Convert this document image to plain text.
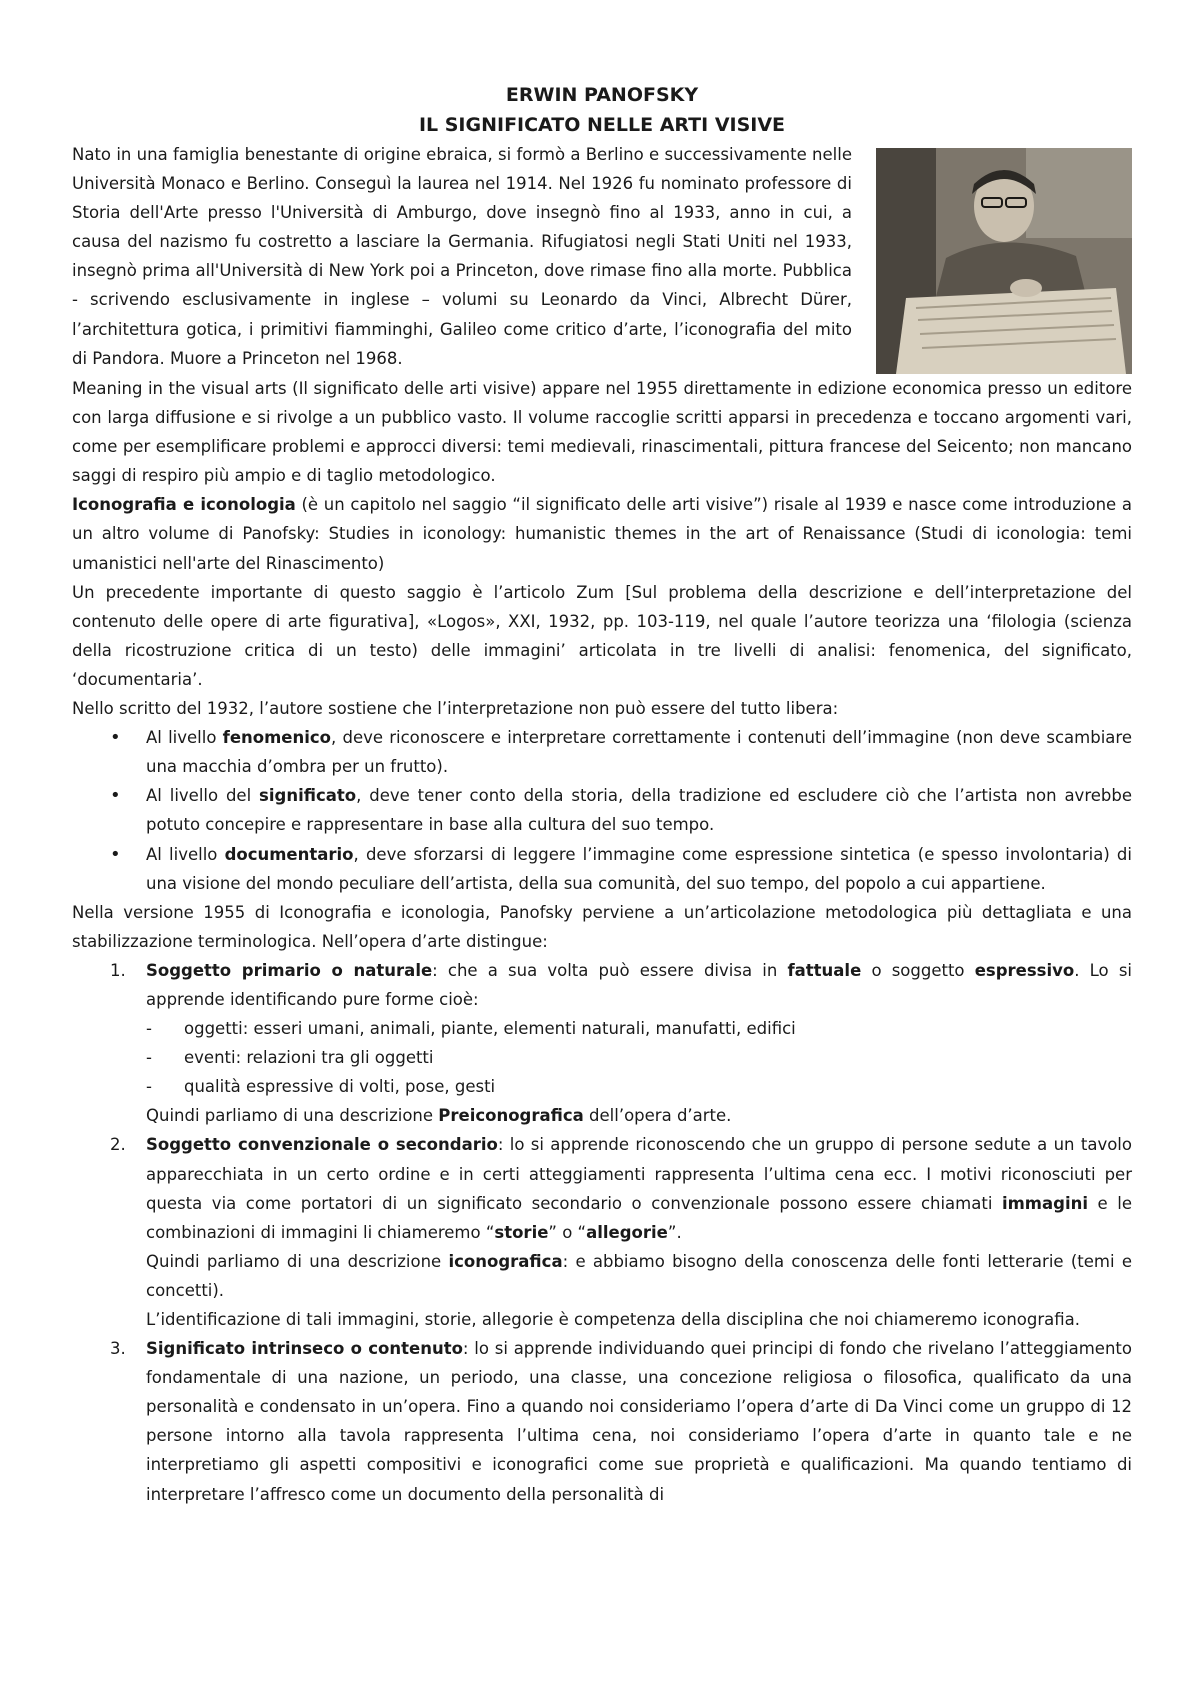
ERWIN PANOFSKY

IL SIGNIFICATO NELLE ARTI VISIVE

Nato in una famiglia benestante di origine ebraica, si formò a Berlino e successivamente nelle Università Monaco e Berlino. Conseguì la laurea nel 1914. Nel 1926 fu nominato professore di Storia dell'Arte presso l'Università di Amburgo, dove insegnò fino al 1933, anno in cui, a causa del nazismo fu costretto a lasciare la Germania. Rifugiatosi negli Stati Uniti nel 1933, insegnò prima all'Università di New York poi a Princeton, dove rimase fino alla morte. Pubblica - scrivendo esclusivamente in inglese – volumi su Leonardo da Vinci, Albrecht Dürer, l’architettura gotica, i primitivi fiamminghi, Galileo come critico d’arte, l’iconografia del mito di Pandora. Muore a Princeton nel 1968.

Meaning in the visual arts (Il significato delle arti visive) appare nel 1955 direttamente in edizione economica presso un editore con larga diffusione e si rivolge a un pubblico vasto. Il volume raccoglie scritti apparsi in precedenza e toccano argomenti vari, come per esemplificare problemi e approcci diversi: temi medievali, rinascimentali, pittura francese del Seicento; non mancano saggi di respiro più ampio e di taglio metodologico.

Iconografia e iconologia (è un capitolo nel saggio “il significato delle arti visive”) risale al 1939 e nasce come introduzione a un altro volume di Panofsky: Studies in iconology: humanistic themes in the art of Renaissance (Studi di iconologia: temi umanistici nell'arte del Rinascimento)

Un precedente importante di questo saggio è l’articolo Zum [Sul problema della descrizione e dell’interpretazione del contenuto delle opere di arte figurativa], «Logos», XXI, 1932, pp. 103-119, nel quale l’autore teorizza una ‘filologia (scienza della ricostruzione critica di un testo) delle immagini’ articolata in tre livelli di analisi: fenomenica, del significato, ‘documentaria’.

Nello scritto del 1932, l’autore sostiene che l’interpretazione non può essere del tutto libera:

• Al livello fenomenico, deve riconoscere e interpretare correttamente i contenuti dell’immagine (non deve scambiare una macchia d’ombra per un frutto).
• Al livello del significato, deve tener conto della storia, della tradizione ed escludere ciò che l’artista non avrebbe potuto concepire e rappresentare in base alla cultura del suo tempo.
• Al livello documentario, deve sforzarsi di leggere l’immagine come espressione sintetica (e spesso involontaria) di una visione del mondo peculiare dell’artista, della sua comunità, del suo tempo, del popolo a cui appartiene.

Nella versione 1955 di Iconografia e iconologia, Panofsky perviene a un’articolazione metodologica più dettagliata e una stabilizzazione terminologica. Nell’opera d’arte distingue:

1. Soggetto primario o naturale: che a sua volta può essere divisa in fattuale o soggetto espressivo. Lo si apprende identificando pure forme cioè:
- oggetti: esseri umani, animali, piante, elementi naturali, manufatti, edifici
- eventi: relazioni tra gli oggetti
- qualità espressive di volti, pose, gesti
Quindi parliamo di una descrizione Preiconografica dell’opera d’arte.
2. Soggetto convenzionale o secondario: lo si apprende riconoscendo che un gruppo di persone sedute a un tavolo apparecchiata in un certo ordine e in certi atteggiamenti rappresenta l’ultima cena ecc. I motivi riconosciuti per questa via come portatori di un significato secondario o convenzionale possono essere chiamati immagini e le combinazioni di immagini li chiameremo “storie” o “allegorie”.
Quindi parliamo di una descrizione iconografica: e abbiamo bisogno della conoscenza delle fonti letterarie (temi e concetti).
L’identificazione di tali immagini, storie, allegorie è competenza della disciplina che noi chiameremo iconografia.
3. Significato intrinseco o contenuto: lo si apprende individuando quei principi di fondo che rivelano l’atteggiamento fondamentale di una nazione, un periodo, una classe, una concezione religiosa o filosofica, qualificato da una personalità e condensato in un’opera. Fino a quando noi consideriamo l’opera d’arte di Da Vinci come un gruppo di 12 persone intorno alla tavola rappresenta l’ultima cena, noi consideriamo l’opera d’arte in quanto tale e ne interpretiamo gli aspetti compositivi e iconografici come sue proprietà e qualificazioni. Ma quando tentiamo di interpretare l’affresco come un documento della personalità di
